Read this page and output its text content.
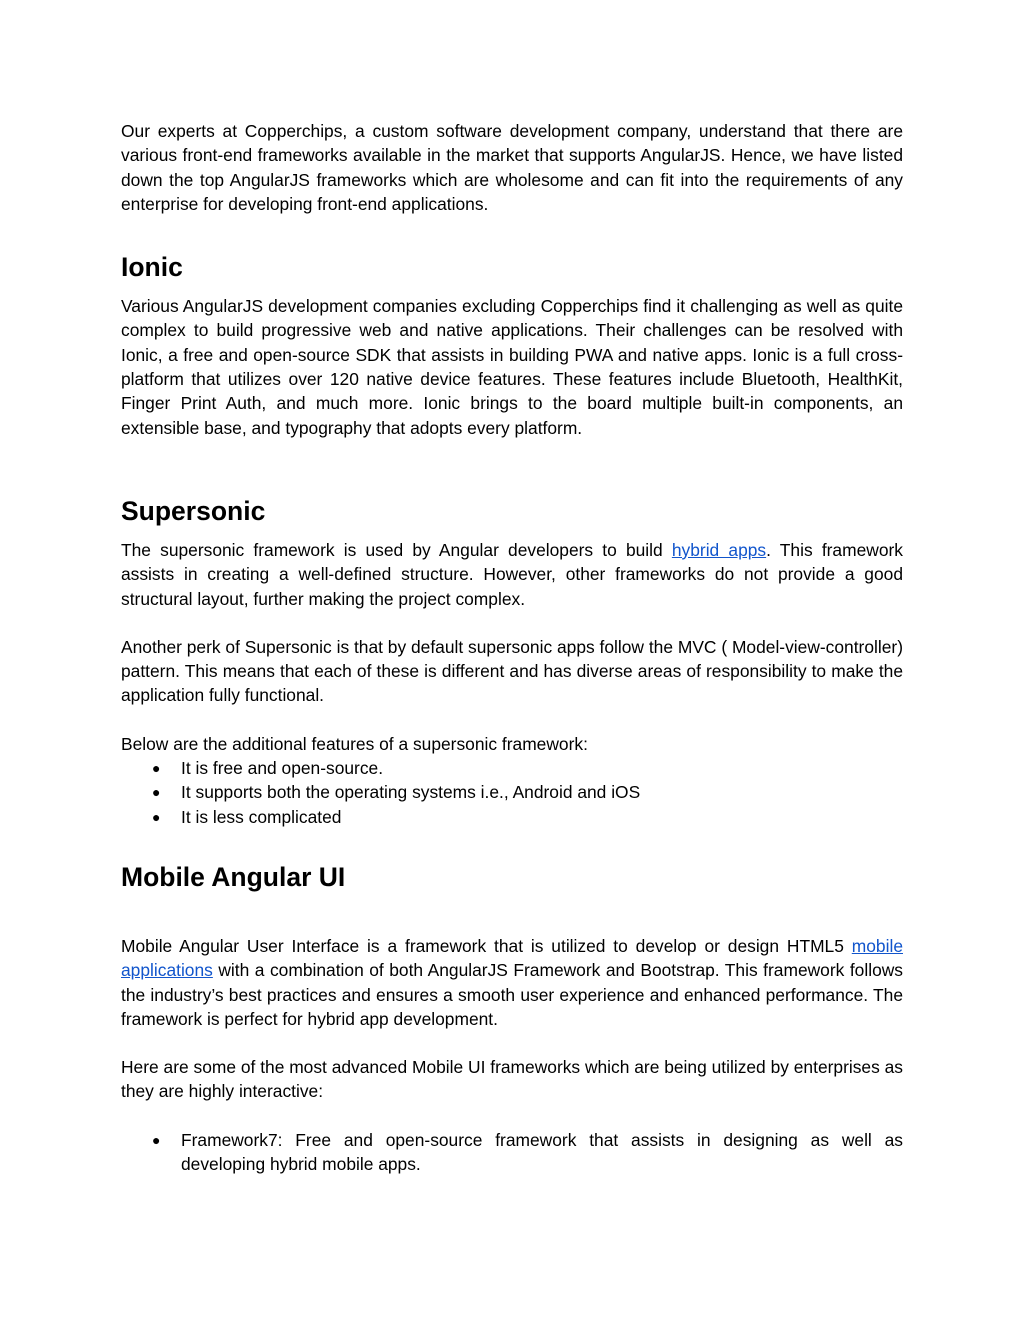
Our experts at Copperchips, a custom software development company, understand that there are various front-end frameworks available in the market that supports AngularJS. Hence, we have listed down the top AngularJS frameworks which are wholesome and can fit into the requirements of any enterprise for developing front-end applications.

Ionic

Various AngularJS development companies excluding Copperchips find it challenging as well as quite complex to build progressive web and native applications. Their challenges can be resolved with Ionic, a free and open-source SDK that assists in building PWA and native apps. Ionic is a full cross-platform that utilizes over 120 native device features. These features include Bluetooth, HealthKit, Finger Print Auth, and much more. Ionic brings to the board multiple built-in components, an extensible base, and typography that adopts every platform.

Supersonic

The supersonic framework is used by Angular developers to build hybrid apps. This framework assists in creating a well-defined structure. However, other frameworks do not provide a good structural layout, further making the project complex.

Another perk of Supersonic is that by default supersonic apps follow the MVC ( Model-view-controller) pattern. This means that each of these is different and has diverse areas of responsibility to make the application fully functional.

Below are the additional features of a supersonic framework:

● It is free and open-source.
● It supports both the operating systems i.e., Android and iOS
● It is less complicated
Mobile Angular UI

Mobile Angular User Interface is a framework that is utilized to develop or design HTML5 mobile applications with a combination of both AngularJS Framework and Bootstrap. This framework follows the industry’s best practices and ensures a smooth user experience and enhanced performance. The framework is perfect for hybrid app development.

Here are some of the most advanced Mobile UI frameworks which are being utilized by enterprises as they are highly interactive:

● Framework7: Free and open-source framework that assists in designing as well as developing hybrid mobile apps.
